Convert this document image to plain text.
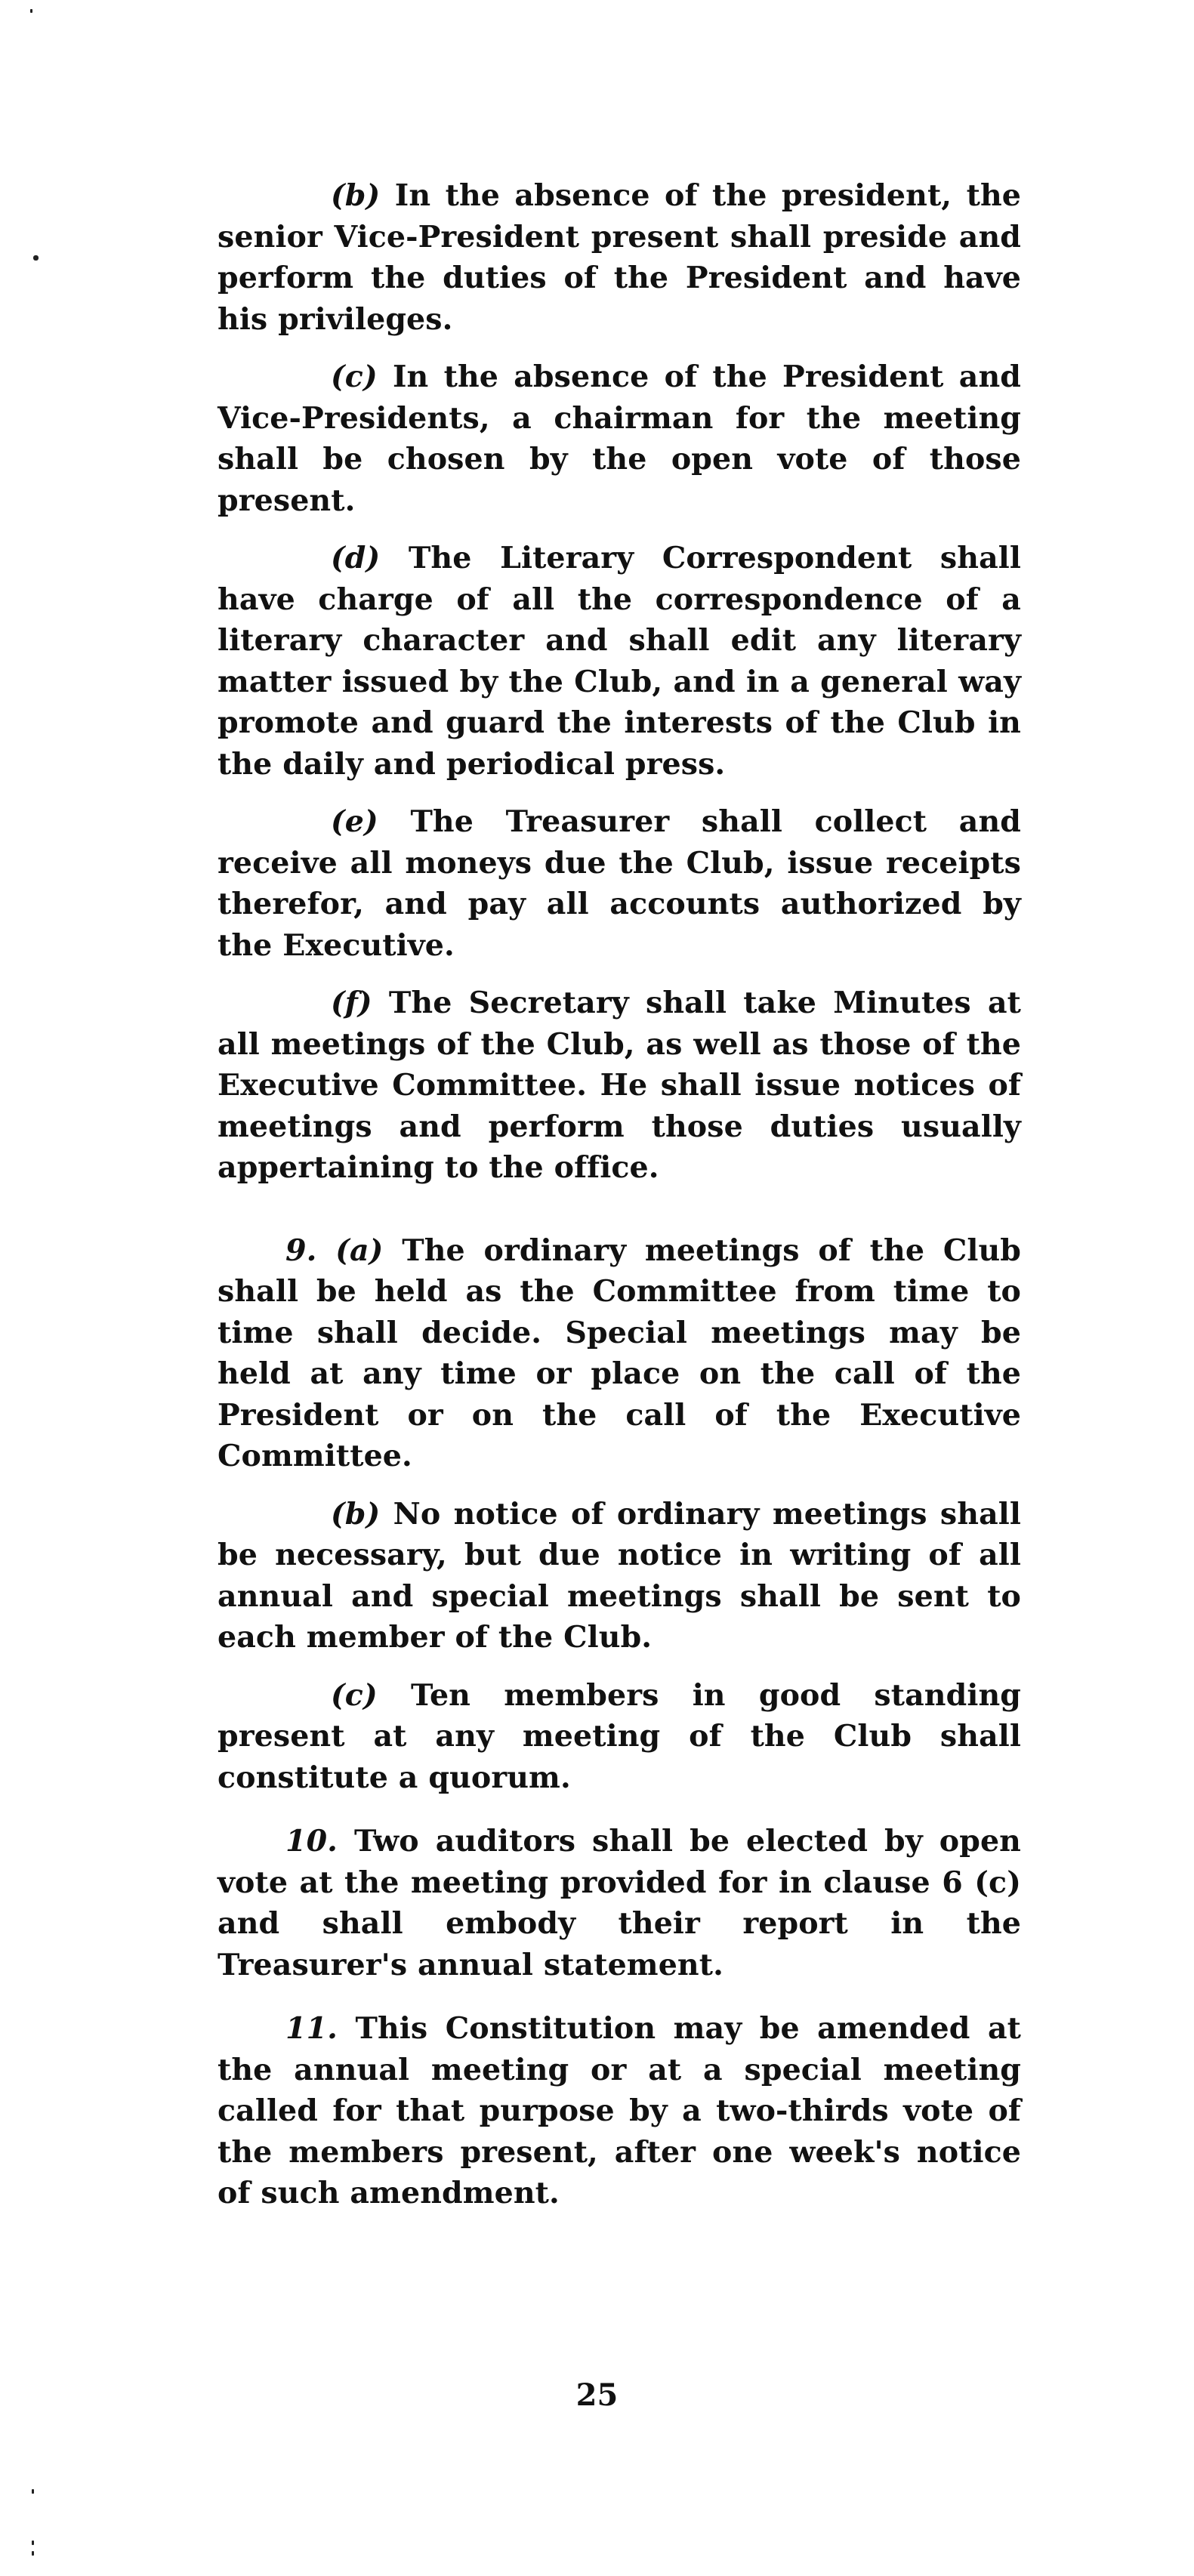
(b) In the absence of the president, the senior Vice-President present shall preside and perform the duties of the President and have his privileges.

(c) In the absence of the President and Vice-Presidents, a chairman for the meeting shall be chosen by the open vote of those present.

(d) The Literary Correspondent shall have charge of all the correspondence of a literary character and shall edit any literary matter issued by the Club, and in a general way promote and guard the interests of the Club in the daily and periodical press.

(e) The Treasurer shall collect and receive all moneys due the Club, issue receipts therefor, and pay all accounts authorized by the Executive.

(f) The Secretary shall take Minutes at all meetings of the Club, as well as those of the Executive Committee. He shall issue notices of meetings and perform those duties usually appertaining to the office.

9. (a) The ordinary meetings of the Club shall be held as the Committee from time to time shall decide. Special meetings may be held at any time or place on the call of the President or on the call of the Executive Committee.

(b) No notice of ordinary meetings shall be necessary, but due notice in writing of all annual and special meetings shall be sent to each member of the Club.

(c) Ten members in good standing present at any meeting of the Club shall constitute a quorum.

10. Two auditors shall be elected by open vote at the meeting provided for in clause 6 (c) and shall embody their report in the Treasurer's annual statement.

11. This Constitution may be amended at the annual meeting or at a special meeting called for that purpose by a two-thirds vote of the members present, after one week's notice of such amendment.

25
